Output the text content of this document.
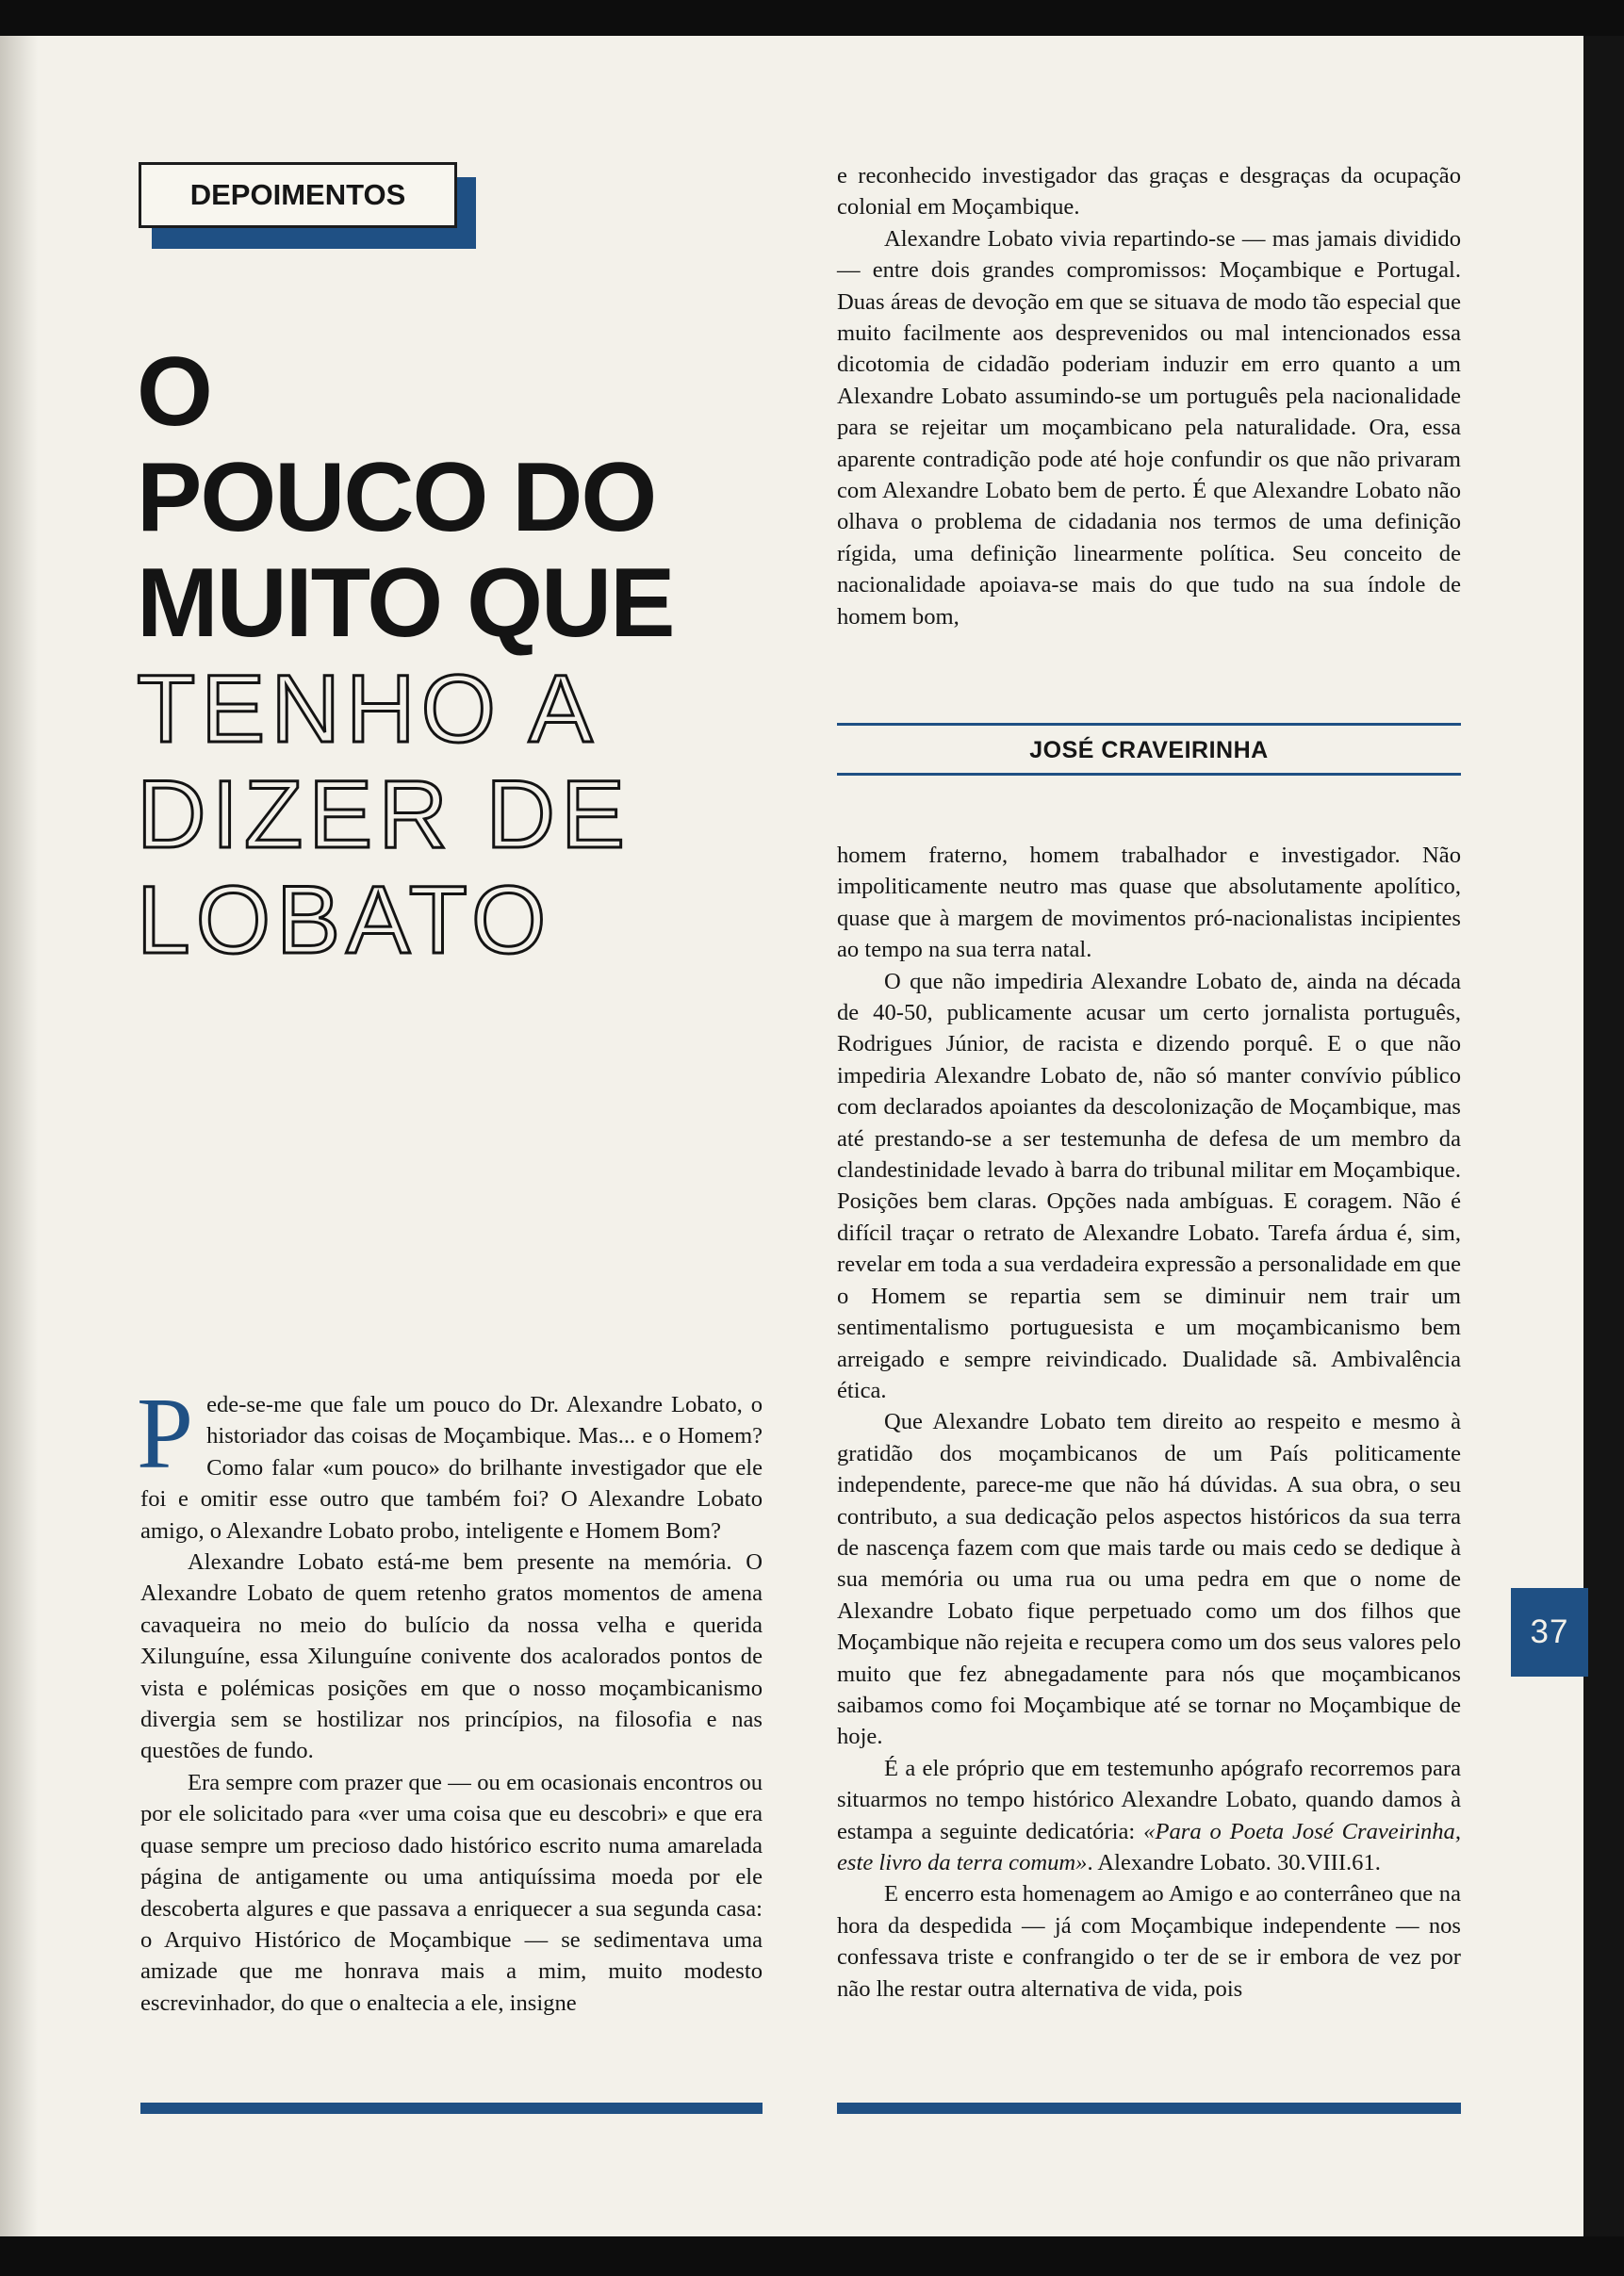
DEPOIMENTOS
O
POUCO DO
MUITO QUE
TENHO A
DIZER DE
LOBATO

Pede-se-me que fale um pouco do Dr. Alexandre Lobato, o historiador das coisas de Moçambique. Mas... e o Homem? Como falar «um pouco» do brilhante investigador que ele foi e omitir esse outro que também foi? O Alexandre Lobato amigo, o Alexandre Lobato probo, inteligente e Homem Bom?

Alexandre Lobato está-me bem presente na memória. O Alexandre Lobato de quem retenho gratos momentos de amena cavaqueira no meio do bulício da nossa velha e querida Xilunguíne, essa Xilunguíne conivente dos acalorados pontos de vista e polémicas posições em que o nosso moçambicanismo divergia sem se hostilizar nos princípios, na filosofia e nas questões de fundo.

Era sempre com prazer que — ou em ocasionais encontros ou por ele solicitado para «ver uma coisa que eu descobri» e que era quase sempre um precioso dado histórico escrito numa amarelada página de antigamente ou uma antiquíssima moeda por ele descoberta algures e que passava a enriquecer a sua segunda casa: o Arquivo Histórico de Moçambique — se sedimentava uma amizade que me honrava mais a mim, muito modesto escrevinhador, do que o enaltecia a ele, insigne

e reconhecido investigador das graças e desgraças da ocupação colonial em Moçambique.

Alexandre Lobato vivia repartindo-se — mas jamais dividido — entre dois grandes compromissos: Moçambique e Portugal. Duas áreas de devoção em que se situava de modo tão especial que muito facilmente aos desprevenidos ou mal intencionados essa dicotomia de cidadão poderiam induzir em erro quanto a um Alexandre Lobato assumindo-se um português pela nacionalidade para se rejeitar um moçambicano pela naturalidade. Ora, essa aparente contradição pode até hoje confundir os que não privaram com Alexandre Lobato bem de perto. É que Alexandre Lobato não olhava o problema de cidadania nos termos de uma definição rígida, uma definição linearmente política. Seu conceito de nacionalidade apoiava-se mais do que tudo na sua índole de homem bom,

JOSÉ CRAVEIRINHA

homem fraterno, homem trabalhador e investigador. Não impoliticamente neutro mas quase que absolutamente apolítico, quase que à margem de movimentos pró-nacionalistas incipientes ao tempo na sua terra natal.

O que não impediria Alexandre Lobato de, ainda na década de 40-50, publicamente acusar um certo jornalista português, Rodrigues Júnior, de racista e dizendo porquê. E o que não impediria Alexandre Lobato de, não só manter convívio público com declarados apoiantes da descolonização de Moçambique, mas até prestando-se a ser testemunha de defesa de um membro da clandestinidade levado à barra do tribunal militar em Moçambique. Posições bem claras. Opções nada ambíguas. E coragem. Não é difícil traçar o retrato de Alexandre Lobato. Tarefa árdua é, sim, revelar em toda a sua verdadeira expressão a personalidade em que o Homem se repartia sem se diminuir nem trair um sentimentalismo portuguesista e um moçambicanismo bem arreigado e sempre reivindicado. Dualidade sã. Ambivalência ética.

Que Alexandre Lobato tem direito ao respeito e mesmo à gratidão dos moçambicanos de um País politicamente independente, parece-me que não há dúvidas. A sua obra, o seu contributo, a sua dedicação pelos aspectos históricos da sua terra de nascença fazem com que mais tarde ou mais cedo se dedique à sua memória ou uma rua ou uma pedra em que o nome de Alexandre Lobato fique perpetuado como um dos filhos que Moçambique não rejeita e recupera como um dos seus valores pelo muito que fez abnegadamente para nós que moçambicanos saibamos como foi Moçambique até se tornar no Moçambique de hoje.

É a ele próprio que em testemunho apógrafo recorremos para situarmos no tempo histórico Alexandre Lobato, quando damos à estampa a seguinte dedicatória: «Para o Poeta José Craveirinha, este livro da terra comum». Alexandre Lobato. 30.VIII.61.

E encerro esta homenagem ao Amigo e ao conterrâneo que na hora da despedida — já com Moçambique independente — nos confessava triste e confrangido o ter de se ir embora de vez por não lhe restar outra alternativa de vida, pois

37
